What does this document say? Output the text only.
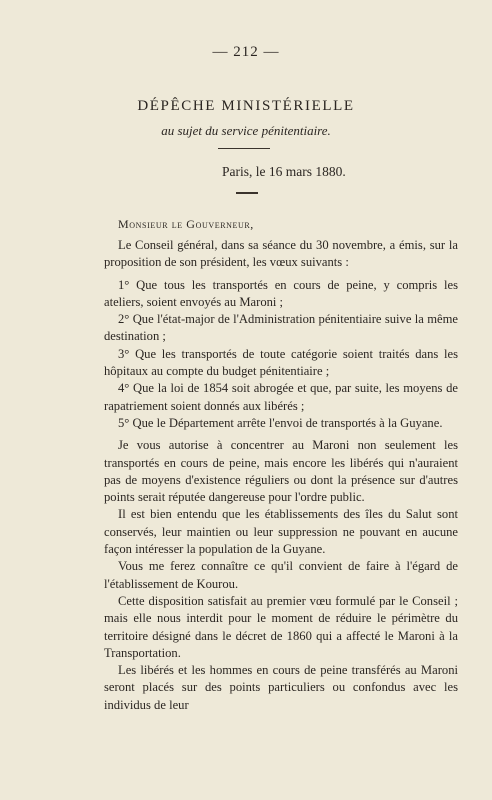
— 212 —
DÉPÊCHE MINISTÉRIELLE
au sujet du service pénitentiaire.
Paris, le 16 mars 1880.
Monsieur le Gouverneur,

Le Conseil général, dans sa séance du 30 novembre, a émis, sur la proposition de son président, les vœux suivants :

1° Que tous les transportés en cours de peine, y compris les ateliers, soient envoyés au Maroni ;

2° Que l'état-major de l'Administration pénitentiaire suive la même destination ;

3° Que les transportés de toute catégorie soient traités dans les hôpitaux au compte du budget pénitentiaire ;

4° Que la loi de 1854 soit abrogée et que, par suite, les moyens de rapatriement soient donnés aux libérés ;

5° Que le Département arrête l'envoi de transportés à la Guyane.

Je vous autorise à concentrer au Maroni non seulement les transportés en cours de peine, mais encore les libérés qui n'auraient pas de moyens d'existence réguliers ou dont la présence sur d'autres points serait réputée dangereuse pour l'ordre public.

Il est bien entendu que les établissements des îles du Salut sont conservés, leur maintien ou leur suppression ne pouvant en aucune façon intéresser la population de la Guyane.

Vous me ferez connaître ce qu'il convient de faire à l'égard de l'établissement de Kourou.

Cette disposition satisfait au premier vœu formulé par le Conseil ; mais elle nous interdit pour le moment de réduire le périmètre du territoire désigné dans le décret de 1860 qui a affecté le Maroni à la Transportation.

Les libérés et les hommes en cours de peine transférés au Maroni seront placés sur des points particuliers ou confondus avec les individus de leur
